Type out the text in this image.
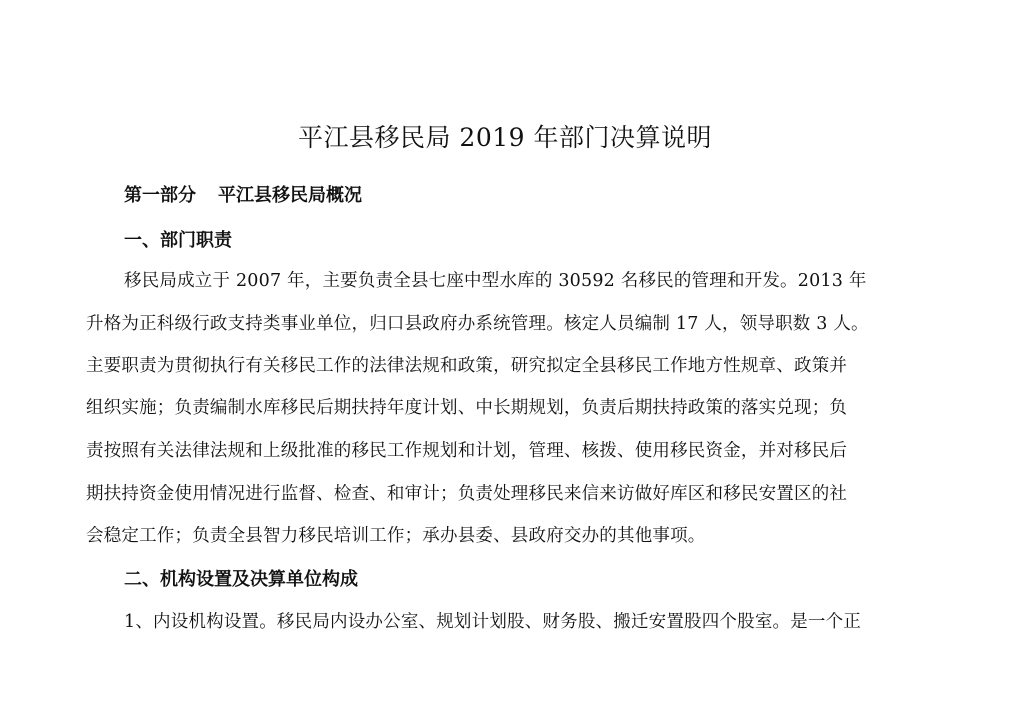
平江县移民局 2019 年部门决算说明
第一部分 平江县移民局概况
一、部门职责
移民局成立于 2007 年，主要负责全县七座中型水库的 30592 名移民的管理和开发。2013 年
升格为正科级行政支持类事业单位，归口县政府办系统管理。核定人员编制 17 人，领导职数 3 人。
主要职责为贯彻执行有关移民工作的法律法规和政策，研究拟定全县移民工作地方性规章、政策并
组织实施；负责编制水库移民后期扶持年度计划、中长期规划，负责后期扶持政策的落实兑现；负
责按照有关法律法规和上级批准的移民工作规划和计划，管理、核拨、使用移民资金，并对移民后
期扶持资金使用情况进行监督、检查、和审计；负责处理移民来信来访做好库区和移民安置区的社
会稳定工作；负责全县智力移民培训工作；承办县委、县政府交办的其他事项。
二、机构设置及决算单位构成
1、内设机构设置。移民局内设办公室、规划计划股、财务股、搬迁安置股四个股室。是一个正
